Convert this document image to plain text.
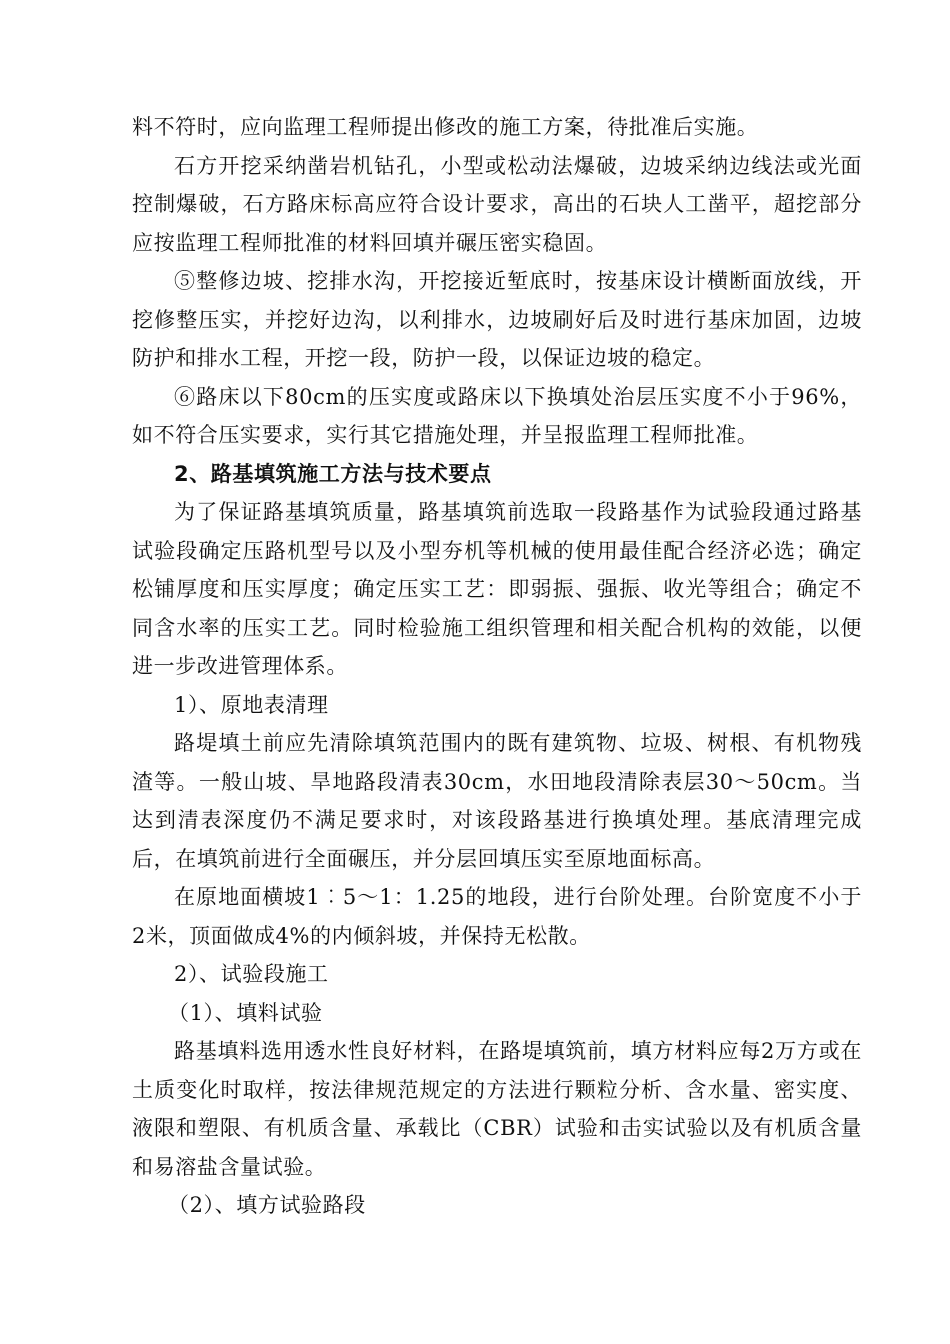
料不符时，应向监理工程师提出修改的施工方案，待批准后实施。

石方开挖采纳凿岩机钻孔，小型或松动法爆破，边坡采纳边线法或光面控制爆破，石方路床标高应符合设计要求，高出的石块人工凿平，超挖部分应按监理工程师批准的材料回填并碾压密实稳固。

⑤整修边坡、挖排水沟，开挖接近堑底时，按基床设计横断面放线，开挖修整压实，并挖好边沟，以利排水，边坡刷好后及时进行基床加固，边坡防护和排水工程，开挖一段，防护一段，以保证边坡的稳定。

⑥路床以下80cm的压实度或路床以下换填处治层压实度不小于96%，如不符合压实要求，实行其它措施处理，并呈报监理工程师批准。

2、路基填筑施工方法与技术要点

为了保证路基填筑质量，路基填筑前选取一段路基作为试验段通过路基试验段确定压路机型号以及小型夯机等机械的使用最佳配合经济必选；确定松铺厚度和压实厚度；确定压实工艺：即弱振、强振、收光等组合；确定不同含水率的压实工艺。同时检验施工组织管理和相关配合机构的效能，以便进一步改进管理体系。

1）、原地表清理

路堤填土前应先清除填筑范围内的既有建筑物、垃圾、树根、有机物残渣等。一般山坡、旱地路段清表30cm，水田地段清除表层30～50cm。当达到清表深度仍不满足要求时，对该段路基进行换填处理。基底清理完成后，在填筑前进行全面碾压，并分层回填压实至原地面标高。

在原地面横坡1︰5～1：1.25的地段，进行台阶处理。台阶宽度不小于2米，顶面做成4%的内倾斜坡，并保持无松散。

2）、试验段施工

（1）、填料试验

路基填料选用透水性良好材料，在路堤填筑前，填方材料应每2万方或在土质变化时取样，按法律规范规定的方法进行颗粒分析、含水量、密实度、液限和塑限、有机质含量、承载比（CBR）试验和击实试验以及有机质含量和易溶盐含量试验。

（2）、填方试验路段
